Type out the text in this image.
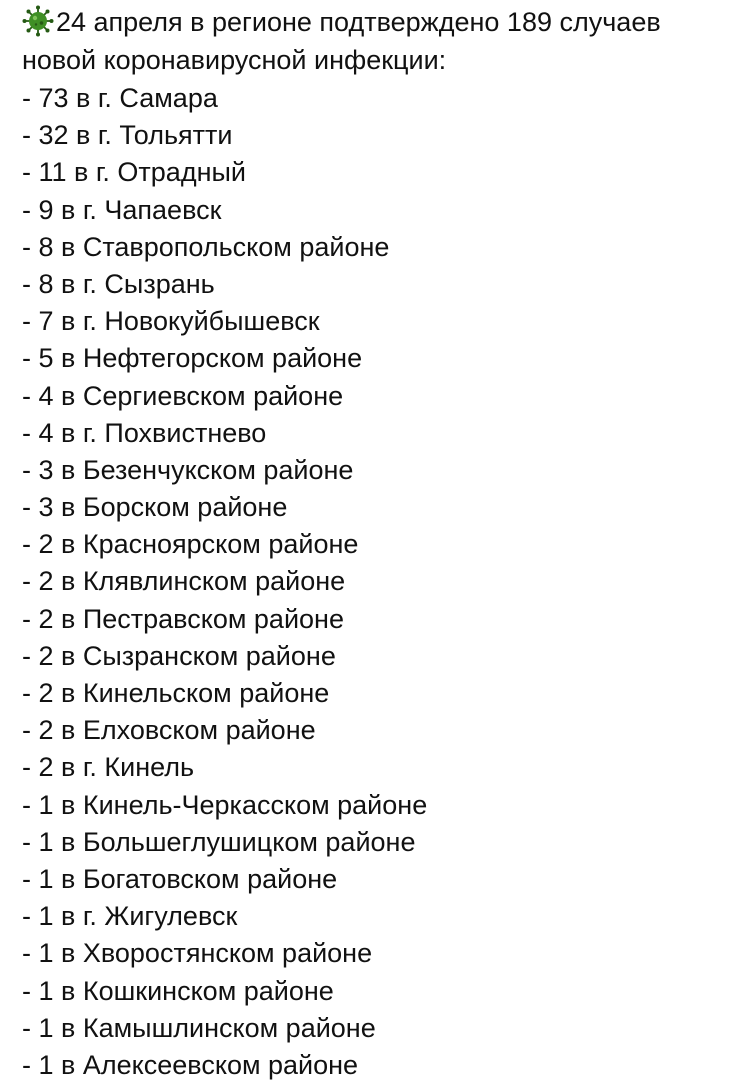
24 апреля в регионе подтверждено 189 случаев
новой коронавирусной инфекции:
- 73 в г. Самара
- 32 в г. Тольятти
- 11 в г. Отрадный
- 9 в г. Чапаевск
- 8 в Ставропольском районе
- 8 в г. Сызрань
- 7 в г. Новокуйбышевск
- 5 в Нефтегорском районе
- 4 в Сергиевском районе
- 4 в г. Похвистнево
- 3 в Безенчукском районе
- 3 в Борском районе
- 2 в Красноярском районе
- 2 в Клявлинском районе
- 2 в Пестравском районе
- 2 в Сызранском районе
- 2 в Кинельском районе
- 2 в Елховском районе
- 2 в г. Кинель
- 1 в Кинель-Черкасском районе
- 1 в Большеглушицком районе
- 1 в Богатовском районе
- 1 в г. Жигулевск
- 1 в Хворостянском районе
- 1 в Кошкинском районе
- 1 в Камышлинском районе
- 1 в Алексеевском районе
